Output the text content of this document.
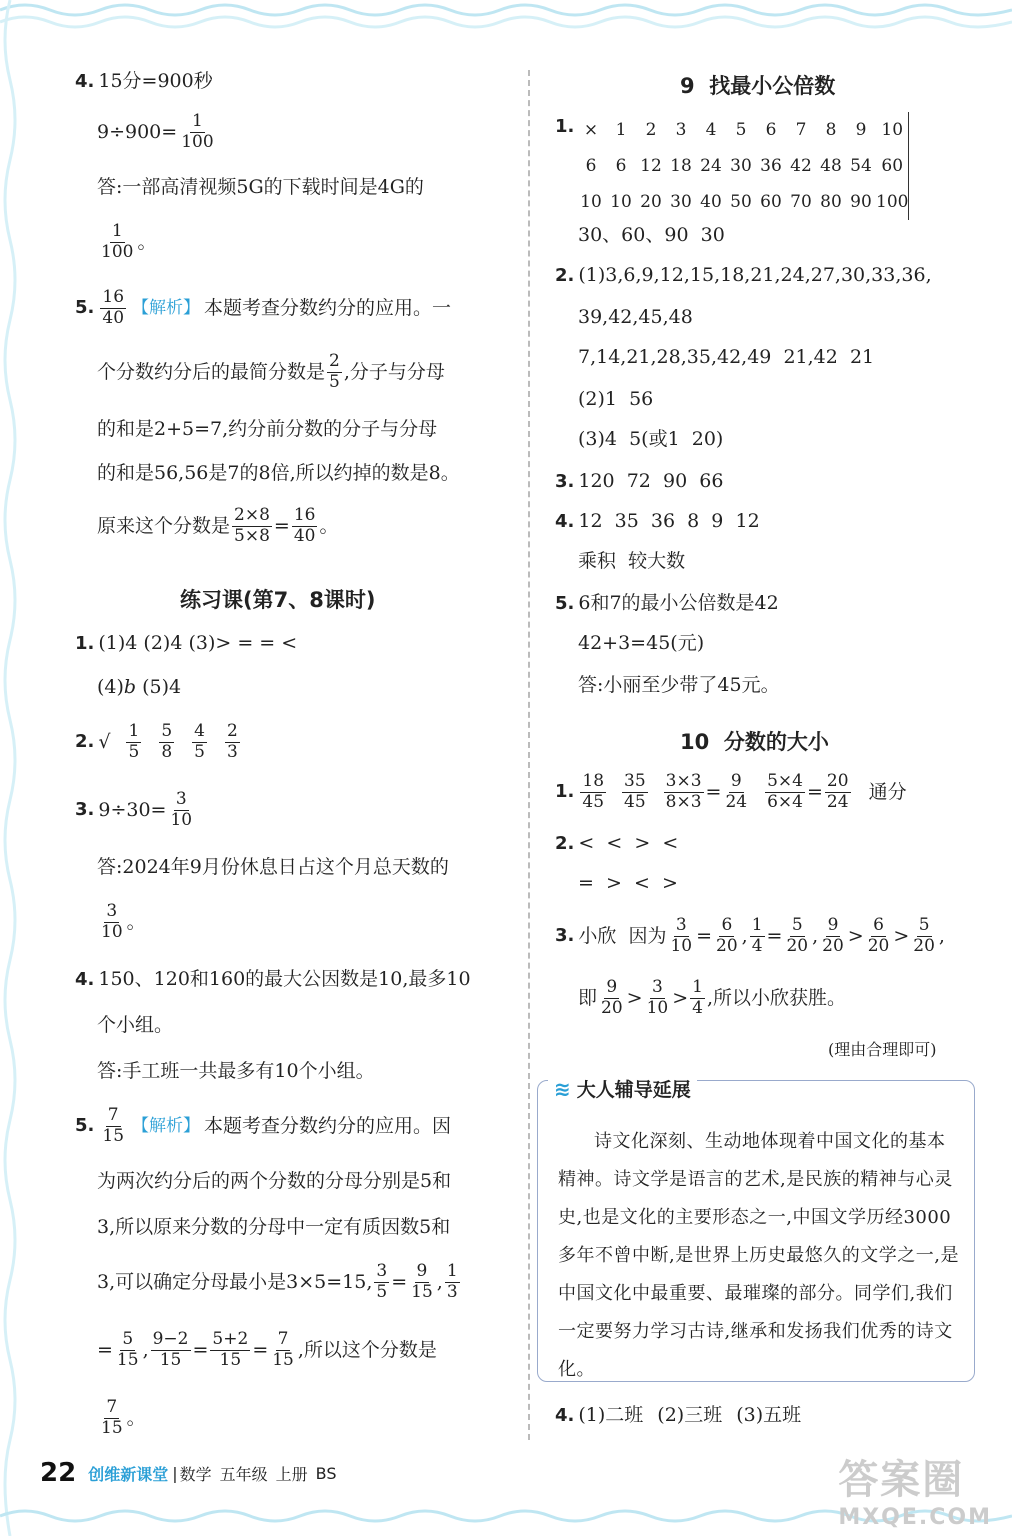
4. 15分=900秒
$9\div 900= \frac{1}{100}$
答:一部高清视频5G的下载时间是4G的
$\frac{1}{100}$ 。
5. $\frac{16}{40}$ 【解析】 本题考查分数约分的应用。一
个分数约分后的最简分数是 $\frac{2}{5}$ ,分子与分母
的和是2+5=7,约分前分数的分子与分母
的和是56,56是7的8倍,所以约掉的数是8。
原来这个分数是 $\frac{2\times 8}{5\times 8} = \frac{16}{40}$ 。
练习课(第7、8课时)
1. (1)4 (2)4 (3)> = = <
(4) b (5)4
2. √ $\frac{1}{5} \frac{5}{8} \frac{4}{5} \frac{2}{3}$
3. $9\div 30= \frac{3}{10}$
答:2024年9月份休息日占这个月总天数的
$\frac{3}{10}$ 。
4. 150、120和160的最大公因数是10,最多10
个小组。
答:手工班一共最多有10个小组。
5. $\frac{7}{15}$ 【解析】 本题考查分数约分的应用。因
为两次约分后的两个分数的分母分别是5和
3,所以原来分数的分母中一定有质因数5和
3,可以确定分母最小是3×5=15, $\frac{3}{5} = \frac{9}{15}$ , $\frac{1}{3}$
= $\frac{5}{15}$ , $\frac{9-2}{15} = \frac{5+2}{15} = \frac{7}{15}$ ,所以这个分数是
$\frac{7}{15}$ 。
9  找最小公倍数
1. ×	1	2	3	4	5	6	7	8	9	10
6	6	12	18	24	30	36	42	48	54	60
10	10	20	30	40	50	60	70	80	90	100
30、60、90  30
2. (1)3,6,9,12,15,18,21,24,27,30,33,36,
39,42,45,48
7,14,21,28,35,42,49  21,42  21
(2)1  56
(3)4  5(或1  20)
3. 120  72  90  66
4. 12  35  36  8  9  12
乘积  较大数
5. 6和7的最小公倍数是42
42+3=45(元)
答:小丽至少带了45元。
10  分数的大小
1. $\frac{18}{45} \frac{35}{45} \frac{3\times 3}{8\times 3} = \frac{9}{24} \frac{5\times 4}{6\times 4} = \frac{20}{24}$ 通分
2. <  <  >  <
=  >  <  >
3. 小欣  因为 $\frac{3}{10} = \frac{6}{20}$ , $\frac{1}{4} = \frac{5}{20}$ , $\frac{9}{20} > \frac{6}{20} > \frac{5}{20}$ ,
即 $\frac{9}{20} > \frac{3}{10} > \frac{1}{4}$ ,所以小欣获胜。
(理由合理即可)
≋ 大人辅导延展
诗文化深刻、生动地体现着中国文化的基本精神。诗文学是语言的艺术,是民族的精神与心灵史,也是文化的主要形态之一,中国文学历经3000多年不曾中断,是世界上历史最悠久的文学之一,是中国文化中最重要、最璀璨的部分。同学们,我们一定要努力学习古诗,继承和发扬我们优秀的诗文化。
4. (1)二班 (2)三班 (3)五班
22 创维新课堂 | 数学 五年级 上册 BS	答案圈
MXQE.COM
